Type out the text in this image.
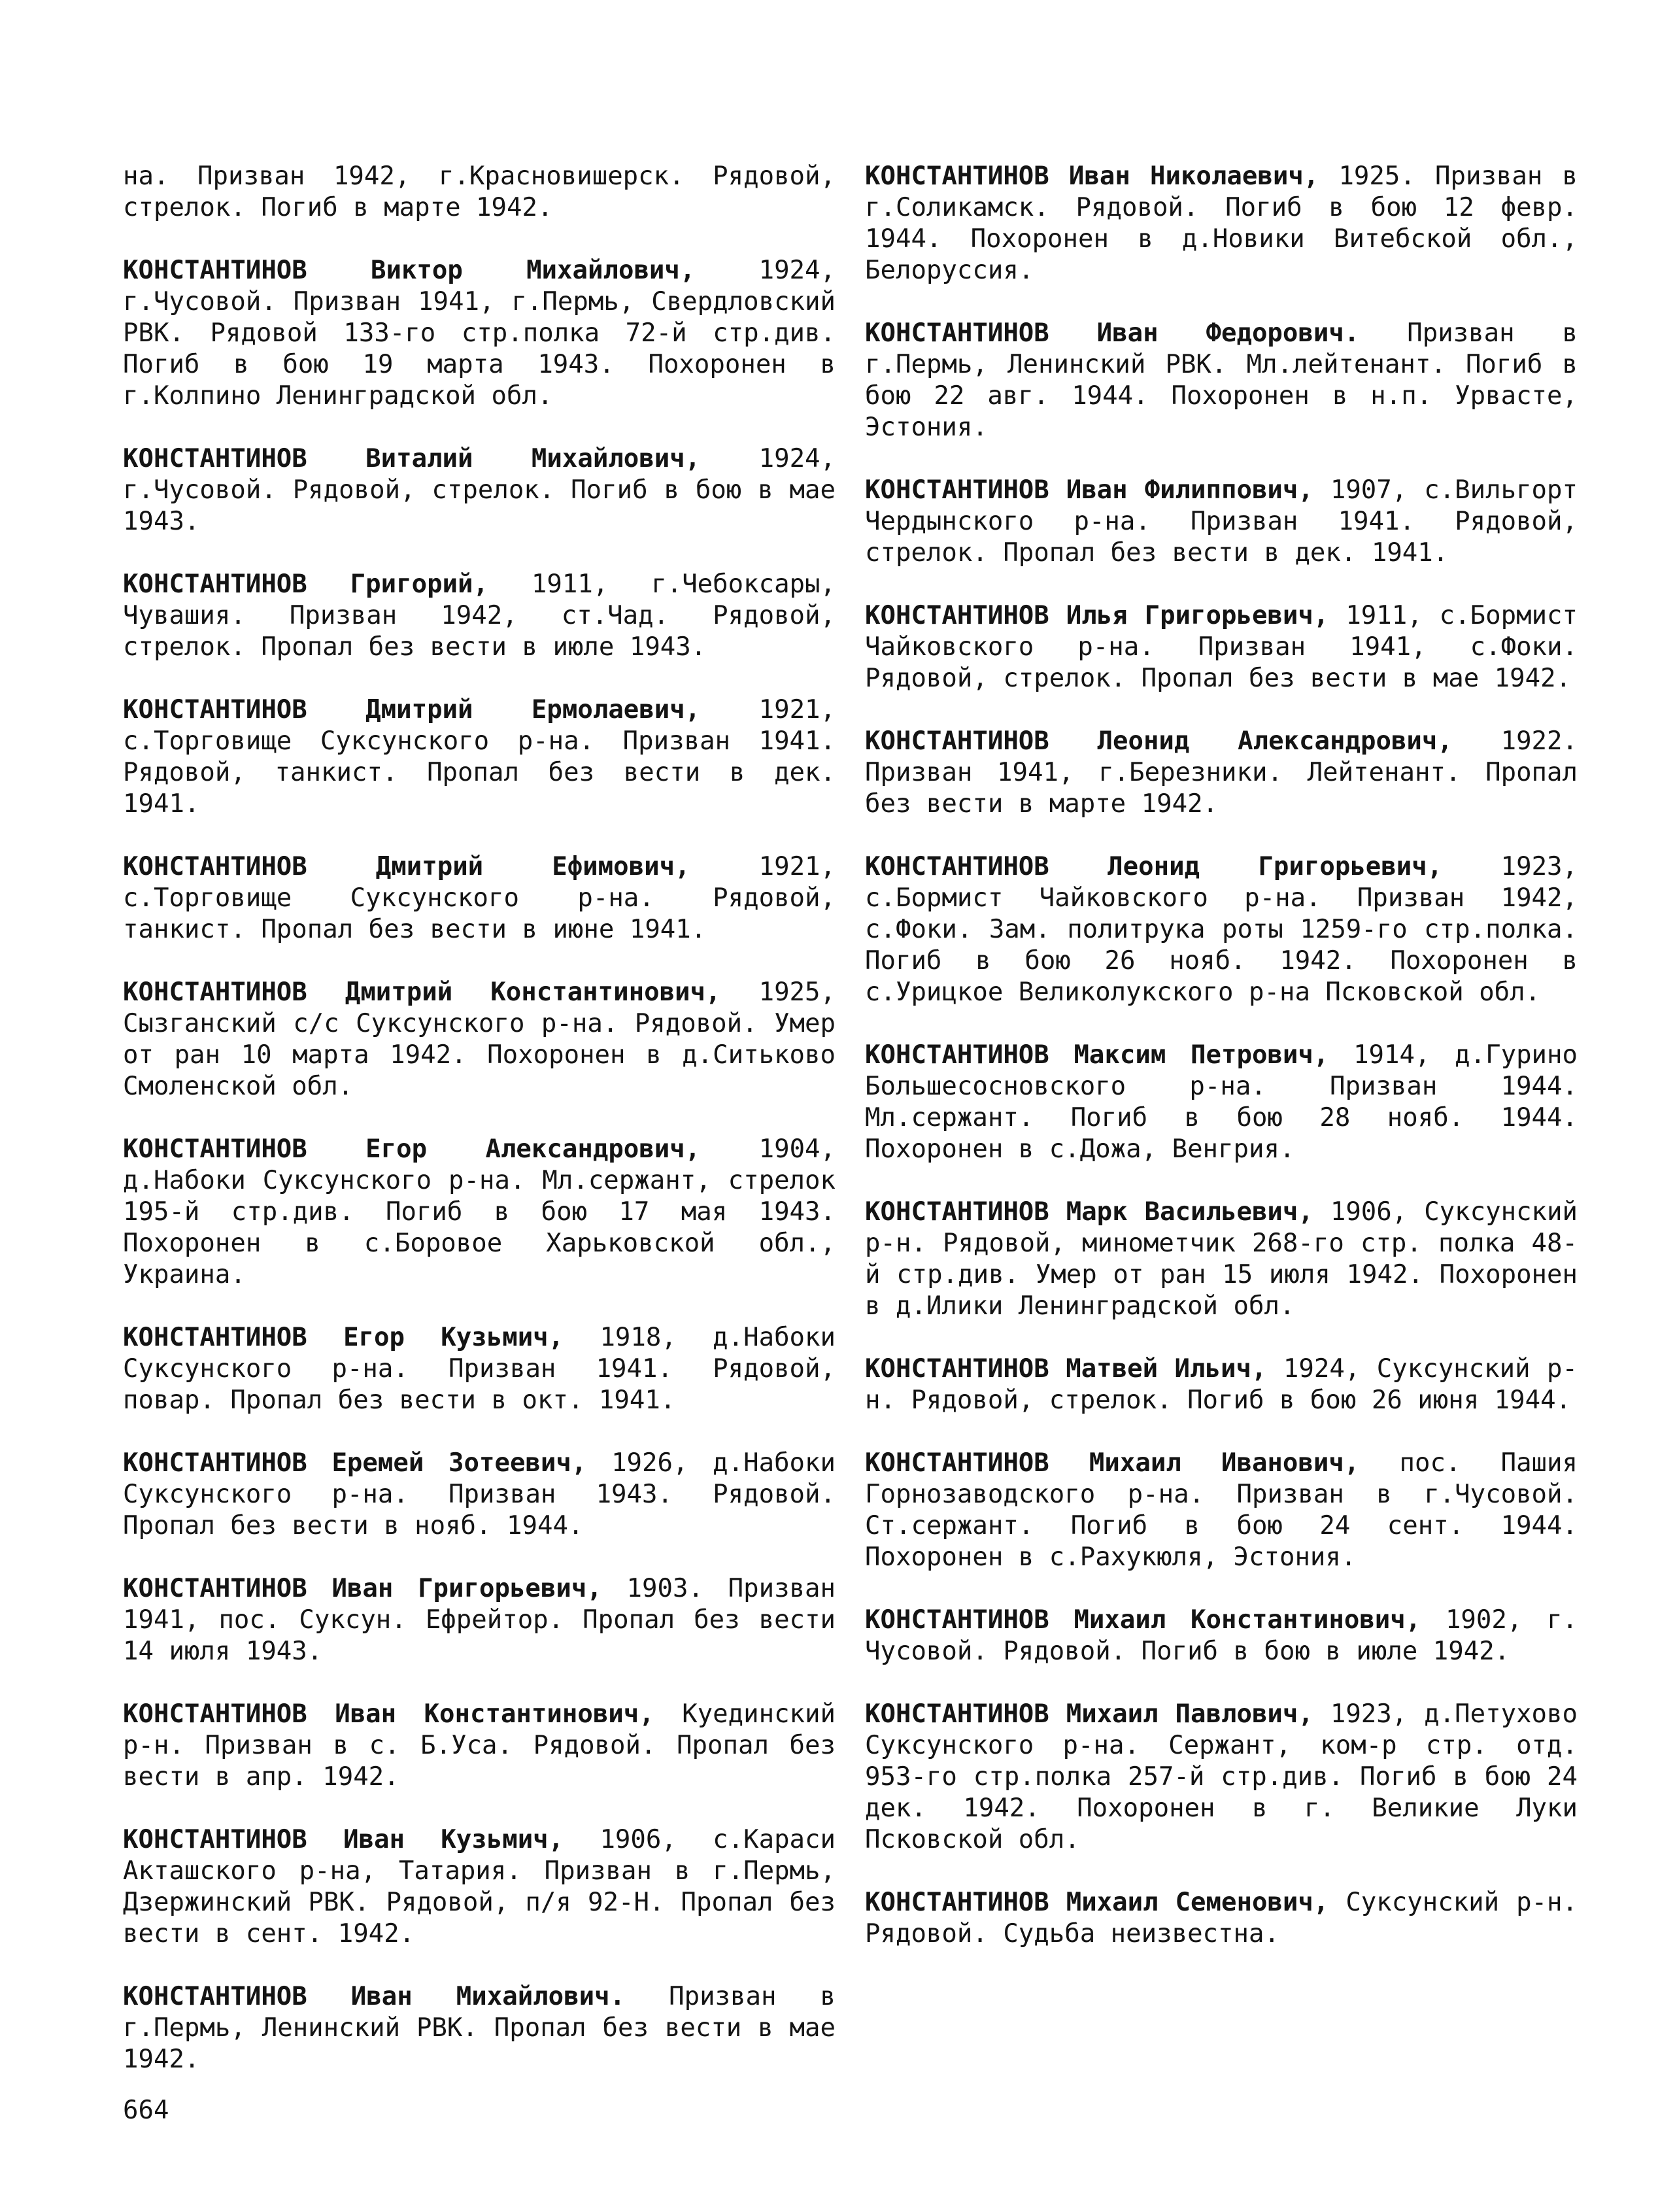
на. Призван 1942, г.Красновишерск. Рядовой, стрелок. Погиб в марте 1942.

КОНСТАНТИНОВ Виктор Михайлович, 1924, г.Чусовой. Призван 1941, г.Пермь, Свердловский РВК. Рядовой 133-го стр.полка 72-й стр.див. Погиб в бою 19 марта 1943. Похоронен в г.Колпино Ленинградской обл.

КОНСТАНТИНОВ Виталий Михайлович, 1924, г.Чусовой. Рядовой, стрелок. Погиб в бою в мае 1943.

КОНСТАНТИНОВ Григорий, 1911, г.Чебоксары, Чувашия. Призван 1942, ст.Чад. Рядовой, стрелок. Пропал без вести в июле 1943.

КОНСТАНТИНОВ Дмитрий Ермолаевич, 1921, с.Торговище Суксунского р-на. Призван 1941. Рядовой, танкист. Пропал без вести в дек. 1941.

КОНСТАНТИНОВ Дмитрий Ефимович,	1921, с.Торговище Суксунского р-на. Рядовой, танкист. Пропал без вести в июне 1941.

КОНСТАНТИНОВ Дмитрий Константинович, 1925, Сызганский с/с Суксунского р-на. Рядовой. Умер от ран 10 марта 1942. Похоронен в д.Ситьково Смоленской обл.

КОНСТАНТИНОВ Егор Александрович, 1904, д.Набоки Суксунского р-на. Мл.сержант, стрелок 195-й стр.див. Погиб в бою 17 мая 1943. Похоронен в с.Боровое Харьковской обл., Украина.

КОНСТАНТИНОВ Егор Кузьмич, 1918, д.Набоки Суксунского р-на. Призван 1941. Рядовой, повар. Пропал без вести в окт. 1941.

КОНСТАНТИНОВ Еремей Зотеевич, 1926, д.Набоки Суксунского р-на. Призван 1943. Рядовой. Пропал без вести в нояб. 1944.

КОНСТАНТИНОВ Иван Григорьевич, 1903. Призван 1941, пос. Суксун. Ефрейтор. Пропал без вести 14 июля 1943.

КОНСТАНТИНОВ Иван Константинович, Куединский р-н. Призван в с. Б.Уса. Рядовой. Пропал без вести в апр. 1942.

КОНСТАНТИНОВ Иван Кузьмич, 1906, с.Караси Акташского р-на, Татария. Призван в г.Пермь, Дзержинский РВК. Рядовой, п/я 92-Н. Пропал без вести в сент. 1942.

КОНСТАНТИНОВ Иван Михайлович. Призван в г.Пермь, Ленинский РВК. Пропал без вести в мае 1942.

КОНСТАНТИНОВ Иван Николаевич, 1925. Призван в г.Соликамск. Рядовой. Погиб в бою 12 февр. 1944. Похоронен в д.Новики Витебской обл., Белоруссия.

КОНСТАНТИНОВ Иван Федорович. Призван в г.Пермь, Ленинский РВК. Мл.лейтенант. Погиб в бою 22 авг. 1944. Похоронен в н.п. Урвасте, Эстония.

КОНСТАНТИНОВ Иван Филиппович, 1907, с.Вильгорт Чердынского р-на. Призван 1941. Рядовой, стрелок. Пропал без вести в дек. 1941.

КОНСТАНТИНОВ Илья Григорьевич, 1911, с.Бормист Чайковского р-на. Призван 1941, с.Фоки. Рядовой, стрелок. Пропал без вести в мае 1942.

КОНСТАНТИНОВ Леонид Александрович, 1922. Призван 1941, г.Березники. Лейтенант. Пропал без вести в марте 1942.

КОНСТАНТИНОВ Леонид Григорьевич, 1923, с.Бормист Чайковского р-на. Призван 1942, с.Фоки. Зам. политрука роты 1259-го стр.полка. Погиб в бою 26 нояб. 1942. Похоронен в с.Урицкое Великолукского р-на Псковской обл.

КОНСТАНТИНОВ Максим Петрович, 1914, д.Гурино Большесосновского р-на. Призван 1944. Мл.сержант. Погиб в бою 28 нояб. 1944. Похоронен в с.Дожа, Венгрия.

КОНСТАНТИНОВ Марк Васильевич, 1906, Суксунский р-н. Рядовой, минометчик 268-го стр. полка 48-й стр.див. Умер от ран 15 июля 1942. Похоронен в д.Илики Ленинградской обл.

КОНСТАНТИНОВ Матвей Ильич, 1924, Суксунский р-н. Рядовой, стрелок. Погиб в бою 26 июня 1944.

КОНСТАНТИНОВ Михаил Иванович, пос. Пашия Горнозаводского р-на. Призван в г.Чусовой. Ст.сержант. Погиб в бою 24 сент. 1944. Похоронен в с.Рахукюля, Эстония.

КОНСТАНТИНОВ Михаил Константинович, 1902, г. Чусовой. Рядовой. Погиб в бою в июле 1942.

КОНСТАНТИНОВ Михаил Павлович, 1923, д.Петухово Суксунского р-на. Сержант, ком-р стр. отд. 953-го стр.полка 257-й стр.див. Погиб в бою 24 дек. 1942. Похоронен в г. Великие Луки Псковской обл.

КОНСТАНТИНОВ Михаил Семенович, Суксунский р-н. Рядовой. Судьба неизвестна.

664
